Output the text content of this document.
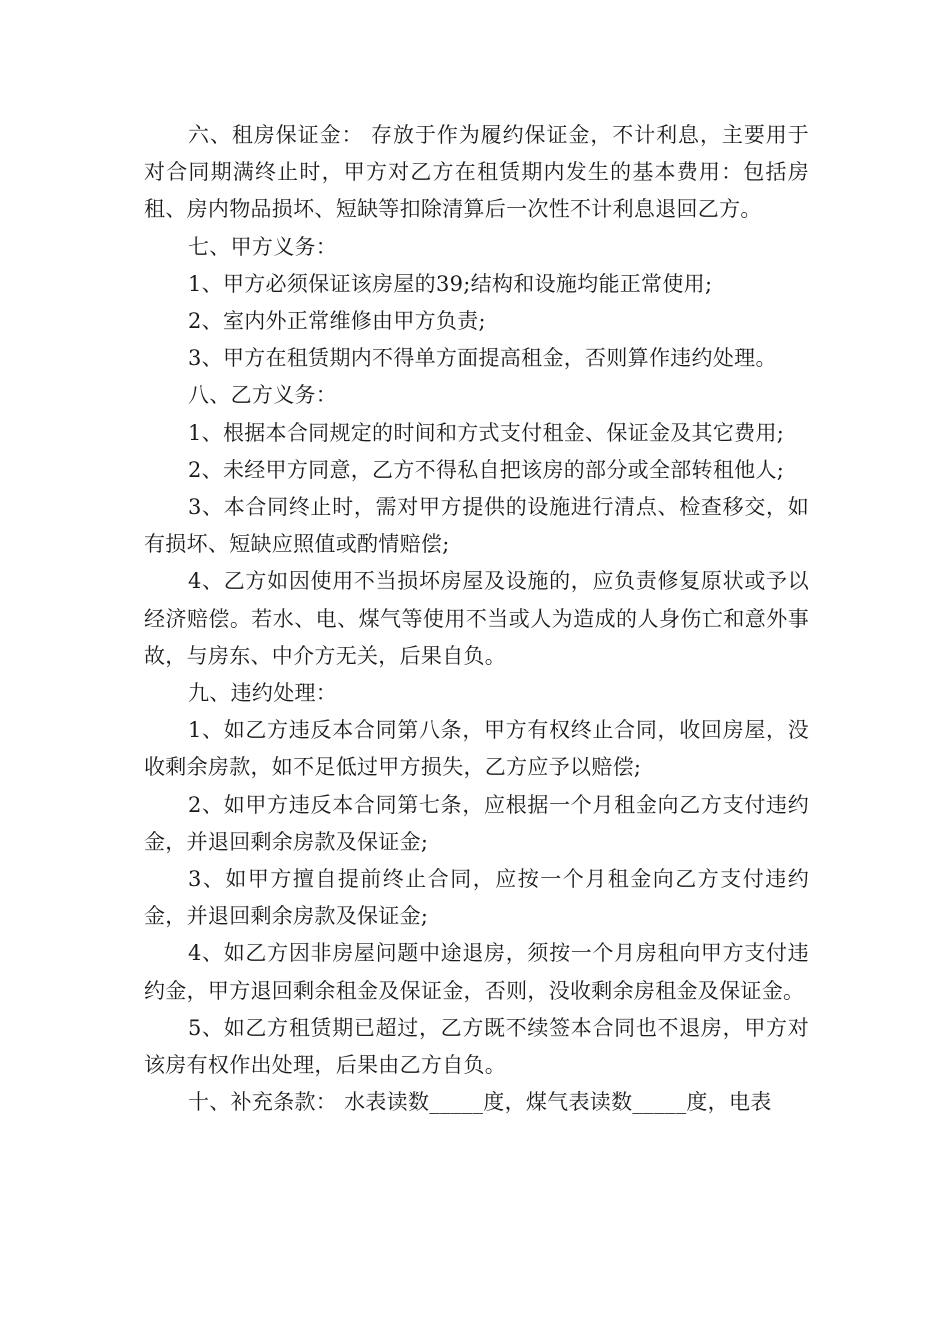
六、租房保证金： 存放于作为履约保证金，不计利息，主要用于对合同期满终止时，甲方对乙方在租赁期内发生的基本费用：包括房租、房内物品损坏、短缺等扣除清算后一次性不计利息退回乙方。

七、甲方义务：

1、甲方必须保证该房屋的39;结构和设施均能正常使用;

2、室内外正常维修由甲方负责;

3、甲方在租赁期内不得单方面提高租金，否则算作违约处理。

八、乙方义务：

1、根据本合同规定的时间和方式支付租金、保证金及其它费用;

2、未经甲方同意，乙方不得私自把该房的部分或全部转租他人;

3、本合同终止时，需对甲方提供的设施进行清点、检查移交，如有损坏、短缺应照值或酌情赔偿;

4、乙方如因使用不当损坏房屋及设施的，应负责修复原状或予以经济赔偿。若水、电、煤气等使用不当或人为造成的人身伤亡和意外事故，与房东、中介方无关，后果自负。

九、违约处理：

1、如乙方违反本合同第八条，甲方有权终止合同，收回房屋，没收剩余房款，如不足低过甲方损失，乙方应予以赔偿;

2、如甲方违反本合同第七条，应根据一个月租金向乙方支付违约金，并退回剩余房款及保证金;

3、如甲方擅自提前终止合同，应按一个月租金向乙方支付违约金，并退回剩余房款及保证金;

4、如乙方因非房屋问题中途退房，须按一个月房租向甲方支付违约金，甲方退回剩余租金及保证金，否则，没收剩余房租金及保证金。

5、如乙方租赁期已超过，乙方既不续签本合同也不退房，甲方对该房有权作出处理，后果由乙方自负。

十、补充条款： 水表读数_____度，煤气表读数_____度，电表
